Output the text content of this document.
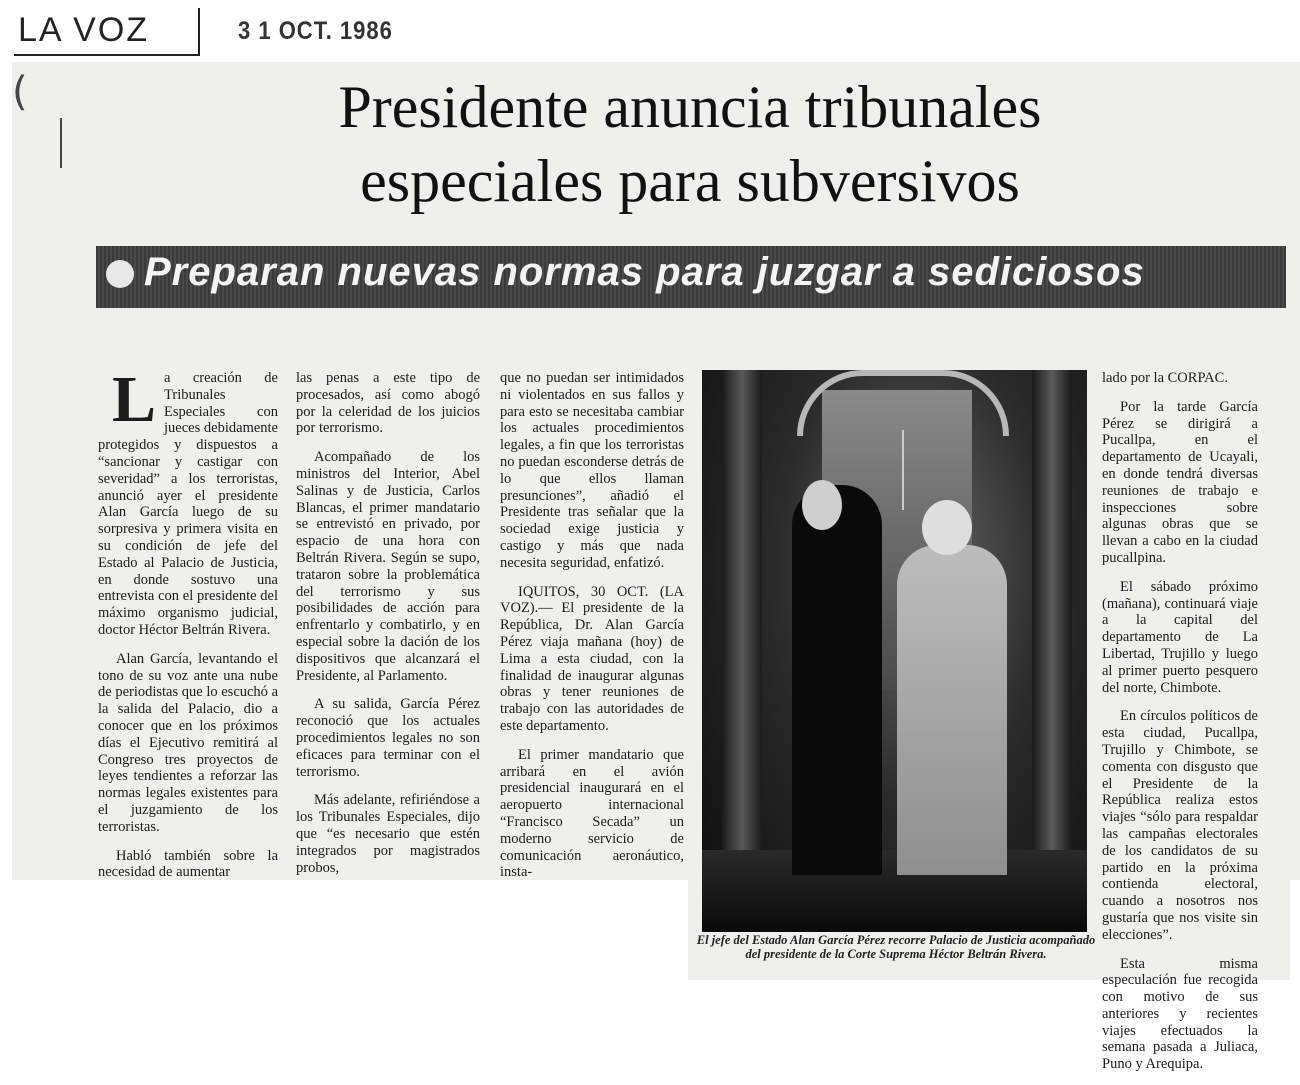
LA VOZ	3 1 OCT. 1986
(	Presidente anuncia tribunales
especiales para subversivos
Preparan nuevas normas para juzgar a sediciosos

La creación de Tribunales Especiales con jueces debidamente protegidos y dispuestos a “sancionar y castigar con severidad” a los terroristas, anunció ayer el presidente Alan García luego de su sorpresiva y primera visita en su condición de jefe del Estado al Palacio de Justicia, en donde sostuvo una entrevista con el presidente del máximo organismo judicial, doctor Héctor Beltrán Rivera.

Alan García, levantando el tono de su voz ante una nube de periodistas que lo escuchó a la salida del Palacio, dio a conocer que en los próximos días el Ejecutivo remitirá al Congreso tres proyectos de leyes tendientes a reforzar las normas legales existentes para el juzgamiento de los terroristas.

Habló también sobre la necesidad de aumentar

las penas a este tipo de procesados, así como abogó por la celeridad de los juicios por terrorismo.

Acompañado de los ministros del Interior, Abel Salinas y de Justicia, Carlos Blancas, el primer mandatario se entrevistó en privado, por espacio de una hora con Beltrán Rivera. Según se supo, trataron sobre la problemática del terrorismo y sus posibilidades de acción para enfrentarlo y combatirlo, y en especial sobre la dación de los dispositivos que alcanzará el Presidente, al Parlamento.

A su salida, García Pérez reconoció que los actuales procedimientos legales no son eficaces para terminar con el terrorismo.

Más adelante, refiriéndose a los Tribunales Especiales, dijo que “es necesario que estén integrados por magistrados probos,

que no puedan ser intimidados ni violentados en sus fallos y para esto se necesitaba cambiar los actuales procedimientos legales, a fin que los terroristas no puedan esconderse detrás de lo que ellos llaman presunciones”, añadió el Presidente tras señalar que la sociedad exige justicia y castigo y más que nada necesita seguridad, enfatizó.

IQUITOS, 30 OCT. (LA VOZ).— El presidente de la República, Dr. Alan García Pérez viaja mañana (hoy) de Lima a esta ciudad, con la finalidad de inaugurar algunas obras y tener reuniones de trabajo con las autoridades de este departamento.

El primer mandatario que arribará en el avión presidencial inaugurará en el aeropuerto internacional “Francisco Secada” un moderno servicio de comunicación aeronáutico, insta-

El jefe del Estado Alan García Pérez recorre Palacio de Justicia acompañado del presidente de la Corte Suprema Héctor Beltrán Rivera.

lado por la CORPAC.

Por la tarde García Pérez se dirigirá a Pucallpa, en el departamento de Ucayali, en donde tendrá diversas reuniones de trabajo e inspecciones sobre algunas obras que se llevan a cabo en la ciudad pucallpina.

El sábado próximo (mañana), continuará viaje a la capital del departamento de La Libertad, Trujillo y luego al primer puerto pesquero del norte, Chimbote.

En círculos políticos de esta ciudad, Pucallpa, Trujillo y Chimbote, se comenta con disgusto que el Presidente de la República realiza estos viajes “sólo para respaldar las campañas electorales de los candidatos de su partido en la próxima contienda electoral, cuando a nosotros nos gustaría que nos visite sin elecciones”.

Esta misma especulación fue recogida con motivo de sus anteriores y recientes viajes efectuados la semana pasada a Juliaca, Puno y Arequipa.
